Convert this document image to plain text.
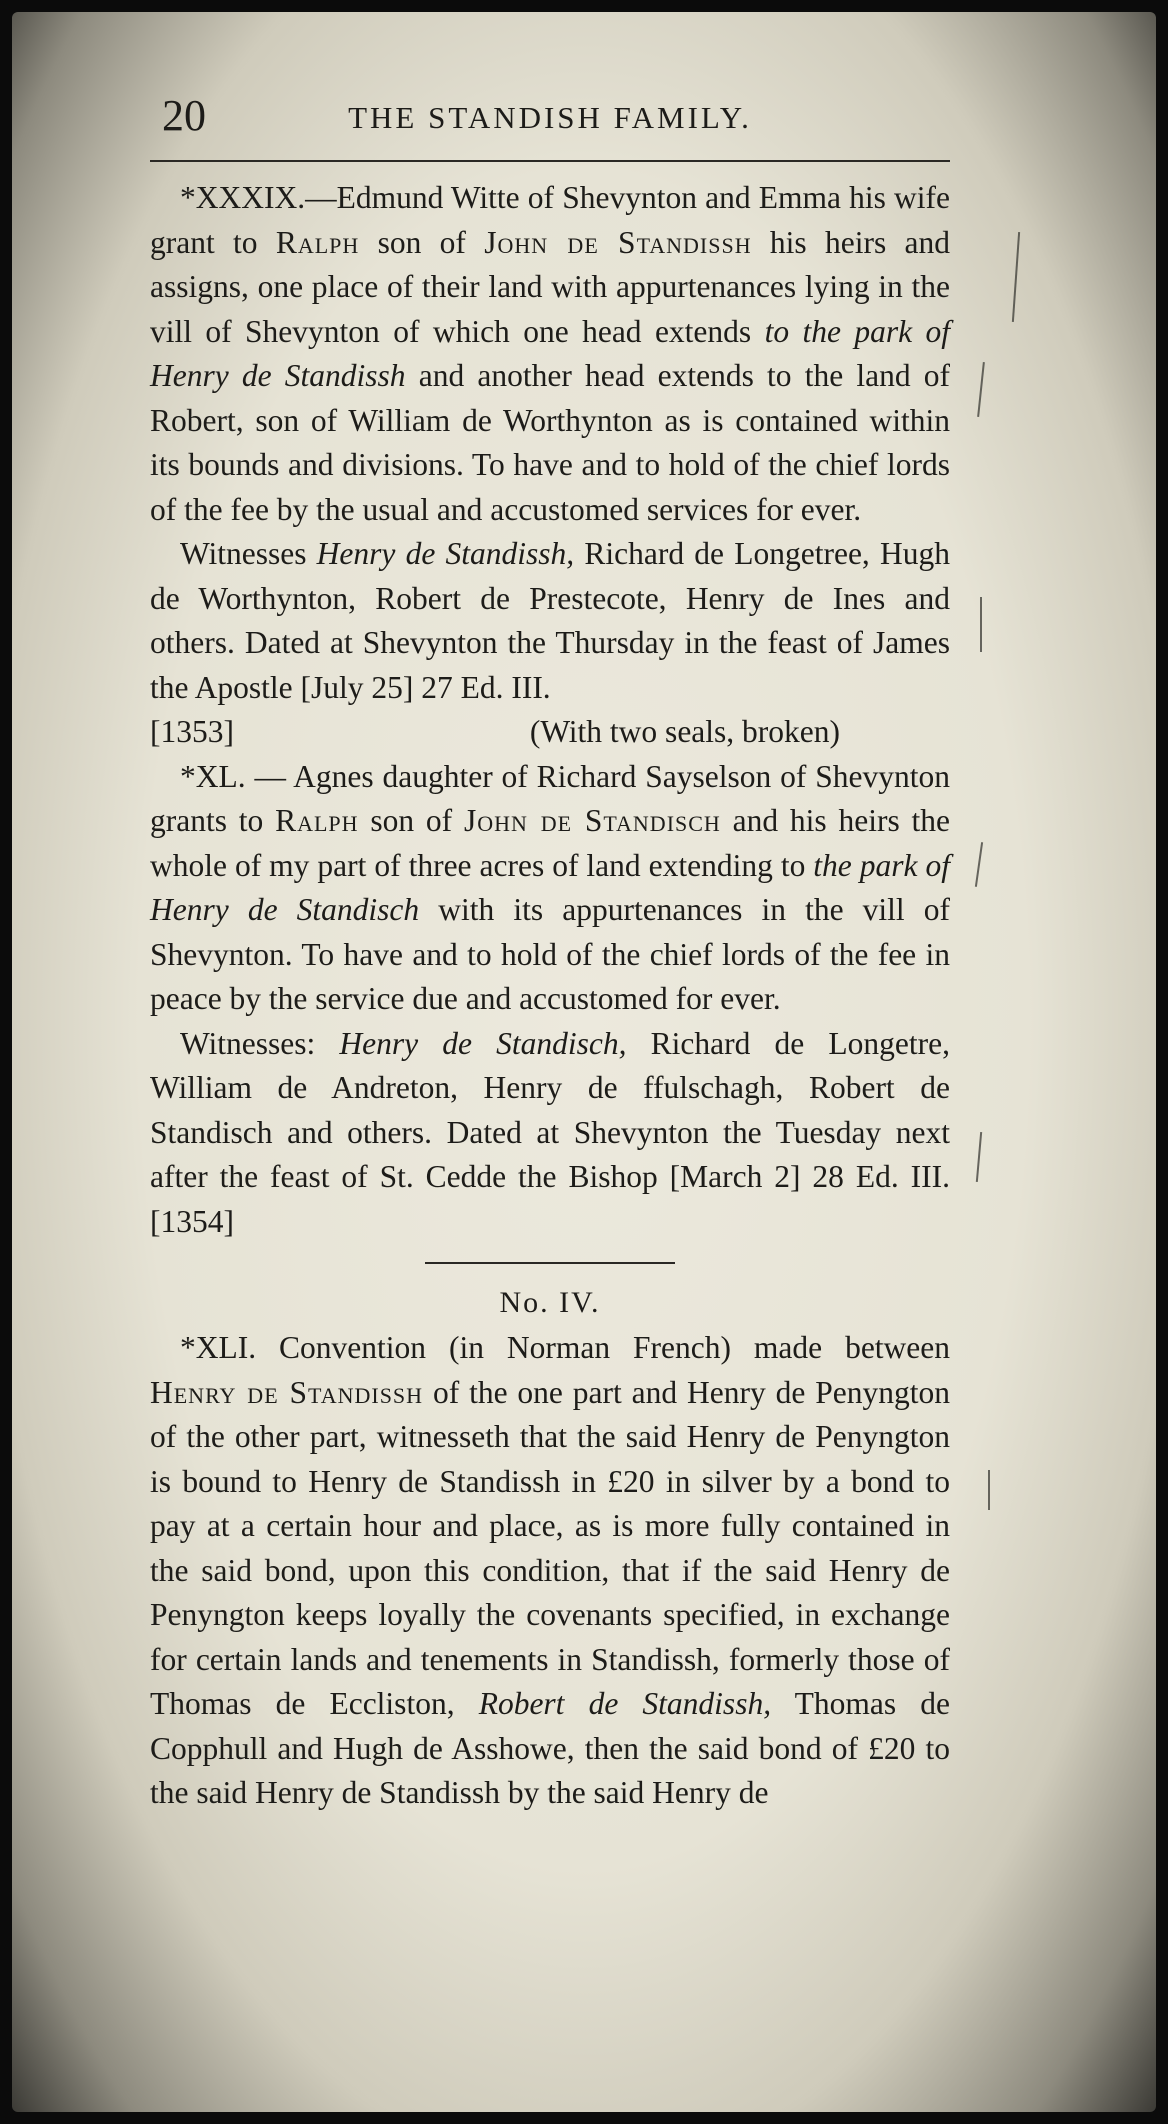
20	THE STANDISH FAMILY.

*XXXIX.—Edmund Witte of Shevynton and Emma his wife grant to Ralph son of John de Standissh his heirs and assigns, one place of their land with appurtenances lying in the vill of Shevynton of which one head extends to the park of Henry de Standissh and another head extends to the land of Robert, son of William de Worthynton as is contained within its bounds and divisions. To have and to hold of the chief lords of the fee by the usual and accustomed services for ever.

Witnesses Henry de Standissh, Richard de Longetree, Hugh de Worthynton, Robert de Prestecote, Henry de Ines and others. Dated at Shevynton the Thursday in the feast of James the Apostle [July 25] 27 Ed. III.

[1353]	(With two seals, broken)

*XL. — Agnes daughter of Richard Sayselson of Shevynton grants to Ralph son of John de Standisch and his heirs the whole of my part of three acres of land extending to the park of Henry de Standisch with its appurtenances in the vill of Shevynton. To have and to hold of the chief lords of the fee in peace by the service due and accustomed for ever.

Witnesses: Henry de Standisch, Richard de Longetre, William de Andreton, Henry de ffulschagh, Robert de Standisch and others. Dated at Shevynton the Tuesday next after the feast of St. Cedde the Bishop [March 2] 28 Ed. III. [1354]

No. IV.

*XLI. Convention (in Norman French) made between Henry de Standissh of the one part and Henry de Penyngton of the other part, witnesseth that the said Henry de Penyngton is bound to Henry de Standissh in £20 in silver by a bond to pay at a certain hour and place, as is more fully contained in the said bond, upon this condition, that if the said Henry de Penyngton keeps loyally the covenants specified, in exchange for certain lands and tenements in Standissh, formerly those of Thomas de Eccliston, Robert de Standissh, Thomas de Copphull and Hugh de Asshowe, then the said bond of £20 to the said Henry de Standissh by the said Henry de
